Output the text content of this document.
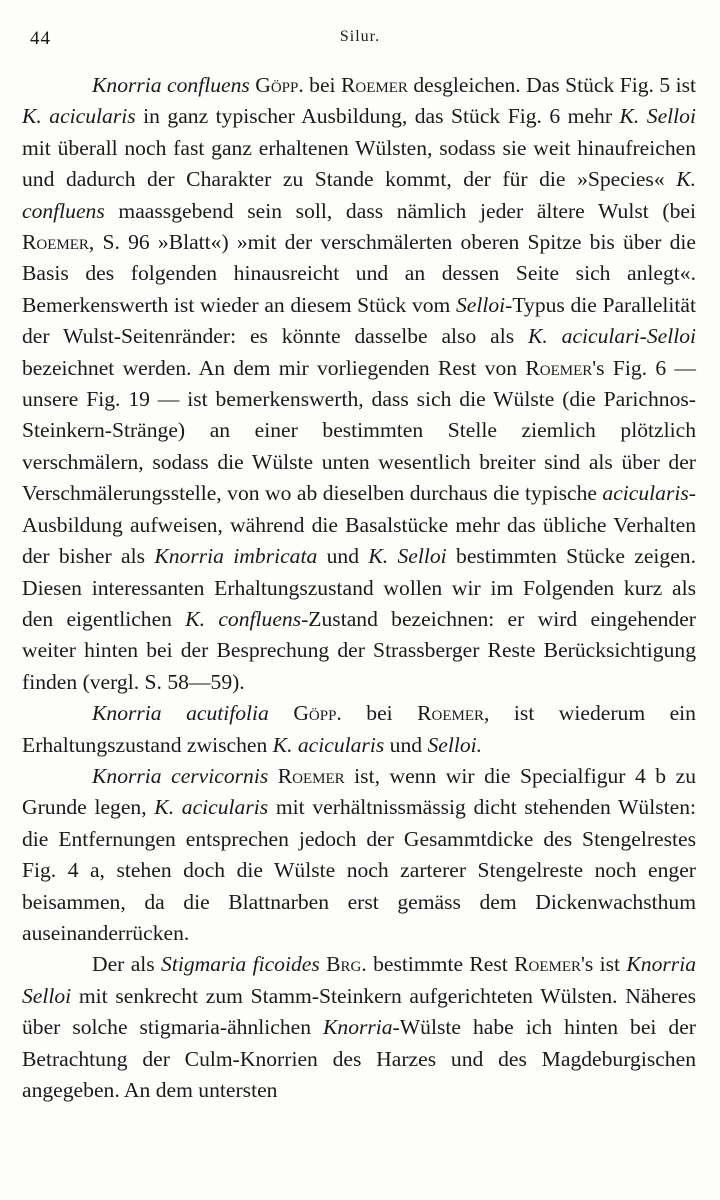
44	Silur.

Knorria confluens Göpp. bei Roemer desgleichen. Das Stück Fig. 5 ist K. acicularis in ganz typischer Ausbildung, das Stück Fig. 6 mehr K. Selloi mit überall noch fast ganz erhaltenen Wülsten, sodass sie weit hinaufreichen und dadurch der Charakter zu Stande kommt, der für die »Species« K. confluens maassgebend sein soll, dass nämlich jeder ältere Wulst (bei Roemer, S. 96 »Blatt«) »mit der verschmälerten oberen Spitze bis über die Basis des folgenden hinausreicht und an dessen Seite sich anlegt«. Bemerkenswerth ist wieder an diesem Stück vom Selloi-Typus die Parallelität der Wulst-Seitenränder: es könnte dasselbe also als K. aciculari-Selloi bezeichnet werden. An dem mir vorliegenden Rest von Roemer's Fig. 6 — unsere Fig. 19 — ist bemerkenswerth, dass sich die Wülste (die Parichnos-Steinkern-Stränge) an einer bestimmten Stelle ziemlich plötzlich verschmälern, sodass die Wülste unten wesentlich breiter sind als über der Verschmälerungsstelle, von wo ab dieselben durchaus die typische acicularis-Ausbildung aufweisen, während die Basalstücke mehr das übliche Verhalten der bisher als Knorria imbricata und K. Selloi bestimmten Stücke zeigen. Diesen interessanten Erhaltungszustand wollen wir im Folgenden kurz als den eigentlichen K. confluens-Zustand bezeichnen: er wird eingehender weiter hinten bei der Besprechung der Strassberger Reste Berücksichtigung finden (vergl. S. 58—59).

Knorria acutifolia Göpp. bei Roemer, ist wiederum ein Erhaltungszustand zwischen K. acicularis und Selloi.

Knorria cervicornis Roemer ist, wenn wir die Specialfigur 4 b zu Grunde legen, K. acicularis mit verhältnissmässig dicht stehenden Wülsten: die Entfernungen entsprechen jedoch der Gesammtdicke des Stengelrestes Fig. 4 a, stehen doch die Wülste noch zarterer Stengelreste noch enger beisammen, da die Blattnarben erst gemäss dem Dickenwachsthum auseinanderrücken.

Der als Stigmaria ficoides Brg. bestimmte Rest Roemer's ist Knorria Selloi mit senkrecht zum Stamm-Steinkern aufgerichteten Wülsten. Näheres über solche stigmaria-ähnlichen Knorria-Wülste habe ich hinten bei der Betrachtung der Culm-Knorrien des Harzes und des Magdeburgischen angegeben. An dem untersten
